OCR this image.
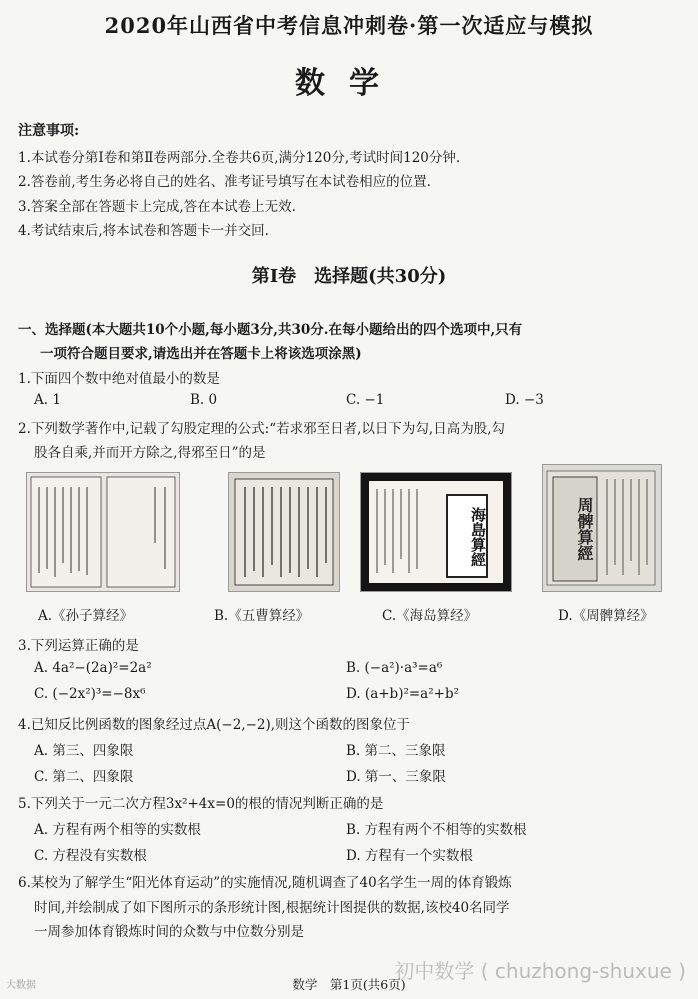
2020年山西省中考信息冲刺卷·第一次适应与模拟
数学
注意事项:
1.本试卷分第Ⅰ卷和第Ⅱ卷两部分.全卷共6页,满分120分,考试时间120分钟.
2.答卷前,考生务必将自己的姓名、准考证号填写在本试卷相应的位置.
3.答案全部在答题卡上完成,答在本试卷上无效.
4.考试结束后,将本试卷和答题卡一并交回.
第Ⅰ卷　选择题(共30分)
一、选择题(本大题共10个小题,每小题3分,共30分.在每小题给出的四个选项中,只有
一项符合题目要求,请选出并在答题卡上将该选项涂黑)
1.下面四个数中绝对值最小的数是
A. 1	B. 0	C. −1	D. −3
2.下列数学著作中,记载了勾股定理的公式:“若求邪至日者,以日下为勾,日高为股,勾
股各自乘,并而开方除之,得邪至日”的是
海島算經	周髀算經
A.《孙子算经》	B.《五曹算经》	C.《海岛算经》	D.《周髀算经》
3.下列运算正确的是
A. 4a²−(2a)²=2a²	B. (−a²)·a³=a⁶
C. (−2x²)³=−8x⁶	D. (a+b)²=a²+b²
4.已知反比例函数的图象经过点A(−2,−2),则这个函数的图象位于
A. 第三、四象限	B. 第二、三象限
C. 第二、四象限	D. 第一、三象限
5.下列关于一元二次方程3x²+4x=0的根的情况判断正确的是
A. 方程有两个相等的实数根	B. 方程有两个不相等的实数根
C. 方程没有实数根	D. 方程有一个实数根
6.某校为了解学生“阳光体育运动”的实施情况,随机调查了40名学生一周的体育锻炼
时间,并绘制成了如下图所示的条形统计图,根据统计图提供的数据,该校40名同学
一周参加体育锻炼时间的众数与中位数分别是
初中数学 ( chuzhong-shuxue )
大数据	数学　第1页(共6页)
